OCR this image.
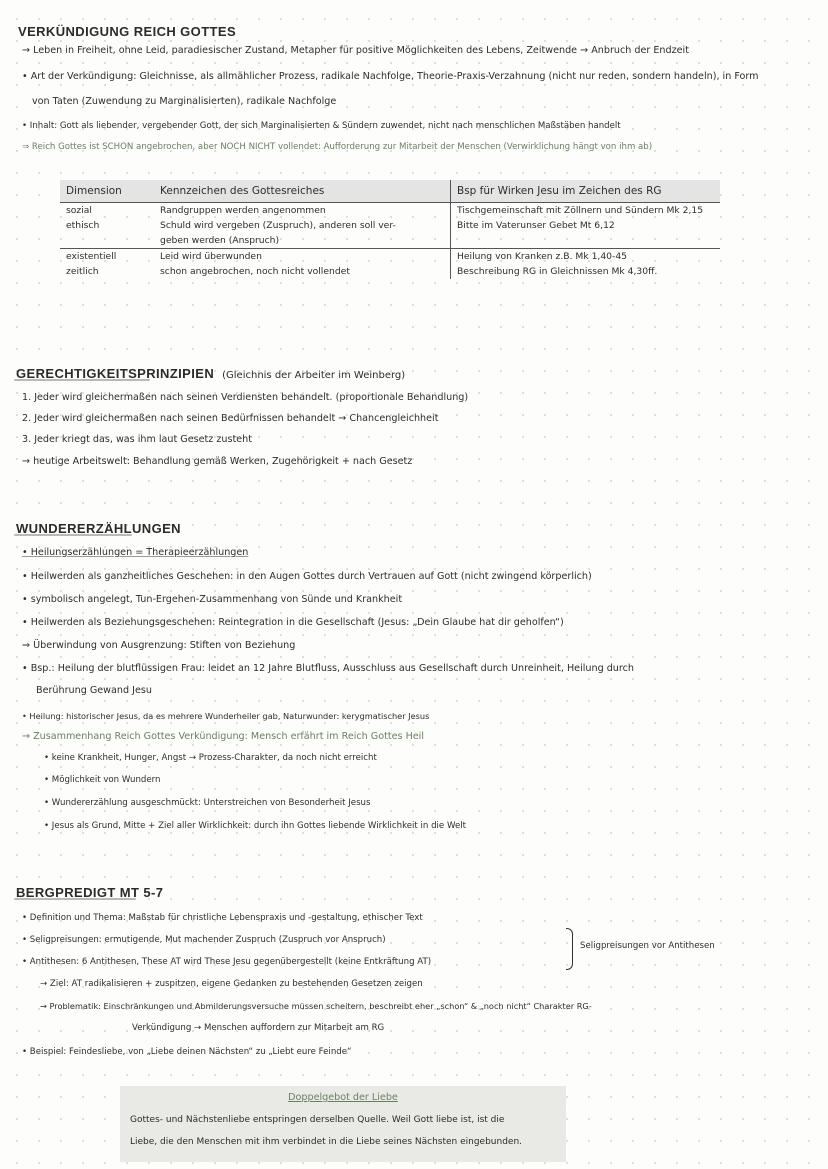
VERKÜNDIGUNG REICH GOTTES
→ Leben in Freiheit, ohne Leid, paradiesischer Zustand, Metapher für positive Möglichkeiten des Lebens, Zeitwende → Anbruch der Endzeit
• Art der Verkündigung: Gleichnisse, als allmählicher Prozess, radikale Nachfolge, Theorie-Praxis-Verzahnung (nicht nur reden, sondern handeln), in Form
von Taten (Zuwendung zu Marginalisierten), radikale Nachfolge
• Inhalt: Gott als liebender, vergebender Gott, der sich Marginalisierten & Sündern zuwendet, nicht nach menschlichen Maßstäben handelt
⇒ Reich Gottes ist SCHON angebrochen, aber NOCH NICHT vollendet: Aufforderung zur Mitarbeit der Menschen (Verwirklichung hängt von ihm ab)
Dimension	Kennzeichen des Gottesreiches	Bsp für Wirken Jesu im Zeichen des RG
sozial	Randgruppen werden angenommen	Tischgemeinschaft mit Zöllnern und Sündern Mk 2,15
ethisch	Schuld wird vergeben (Zuspruch), anderen soll ver-	Bitte im Vaterunser Gebet Mt 6,12
	geben werden (Anspruch)	
existentiell	Leid wird überwunden	Heilung von Kranken z.B. Mk 1,40-45
zeitlich	schon angebrochen, noch nicht vollendet	Beschreibung RG in Gleichnissen Mk 4,30ff.
GERECHTIGKEITSPRINZIPIEN (Gleichnis der Arbeiter im Weinberg)
1. Jeder wird gleichermaßen nach seinen Verdiensten behandelt. (proportionale Behandlung)
2. Jeder wird gleichermaßen nach seinen Bedürfnissen behandelt → Chancengleichheit
3. Jeder kriegt das, was ihm laut Gesetz zusteht
→ heutige Arbeitswelt: Behandlung gemäß Werken, Zugehörigkeit + nach Gesetz
WUNDERERZÄHLUNGEN
• Heilungserzählungen = Therapieerzählungen
• Heilwerden als ganzheitliches Geschehen: in den Augen Gottes durch Vertrauen auf Gott (nicht zwingend körperlich)
• symbolisch angelegt, Tun-Ergehen-Zusammenhang von Sünde und Krankheit
• Heilwerden als Beziehungsgeschehen: Reintegration in die Gesellschaft (Jesus: „Dein Glaube hat dir geholfen“)
⇒ Überwindung von Ausgrenzung: Stiften von Beziehung
• Bsp.: Heilung der blutflüssigen Frau: leidet an 12 Jahre Blutfluss, Ausschluss aus Gesellschaft durch Unreinheit, Heilung durch
Berührung Gewand Jesu
• Heilung: historischer Jesus, da es mehrere Wunderheiler gab, Naturwunder: kerygmatischer Jesus
→ Zusammenhang Reich Gottes Verkündigung: Mensch erfährt im Reich Gottes Heil
• keine Krankheit, Hunger, Angst → Prozess-Charakter, da noch nicht erreicht
• Möglichkeit von Wundern
• Wundererzählung ausgeschmückt: Unterstreichen von Besonderheit Jesus
• Jesus als Grund, Mitte + Ziel aller Wirklichkeit: durch ihn Gottes liebende Wirklichkeit in die Welt
BERGPREDIGT MT 5-7
• Definition und Thema: Maßstab für christliche Lebenspraxis und -gestaltung, ethischer Text
• Seligpreisungen: ermutigende, Mut machender Zuspruch (Zuspruch vor Anspruch)
• Antithesen: 6 Antithesen, These AT wird These Jesu gegenübergestellt (keine Entkräftung AT)
Seligpreisungen vor Antithesen
→ Ziel: AT radikalisieren + zuspitzen, eigene Gedanken zu bestehenden Gesetzen zeigen
→ Problematik: Einschränkungen und Abmilderungsversuche müssen scheitern, beschreibt eher „schon“ & „noch nicht“ Charakter RG-
Verkündigung → Menschen auffordern zur Mitarbeit am RG
• Beispiel: Feindesliebe, von „Liebe deinen Nächsten“ zu „Liebt eure Feinde“
Doppelgebot der Liebe
Gottes- und Nächstenliebe entspringen derselben Quelle. Weil Gott liebe ist, ist die
Liebe, die den Menschen mit ihm verbindet in die Liebe seines Nächsten eingebunden.
